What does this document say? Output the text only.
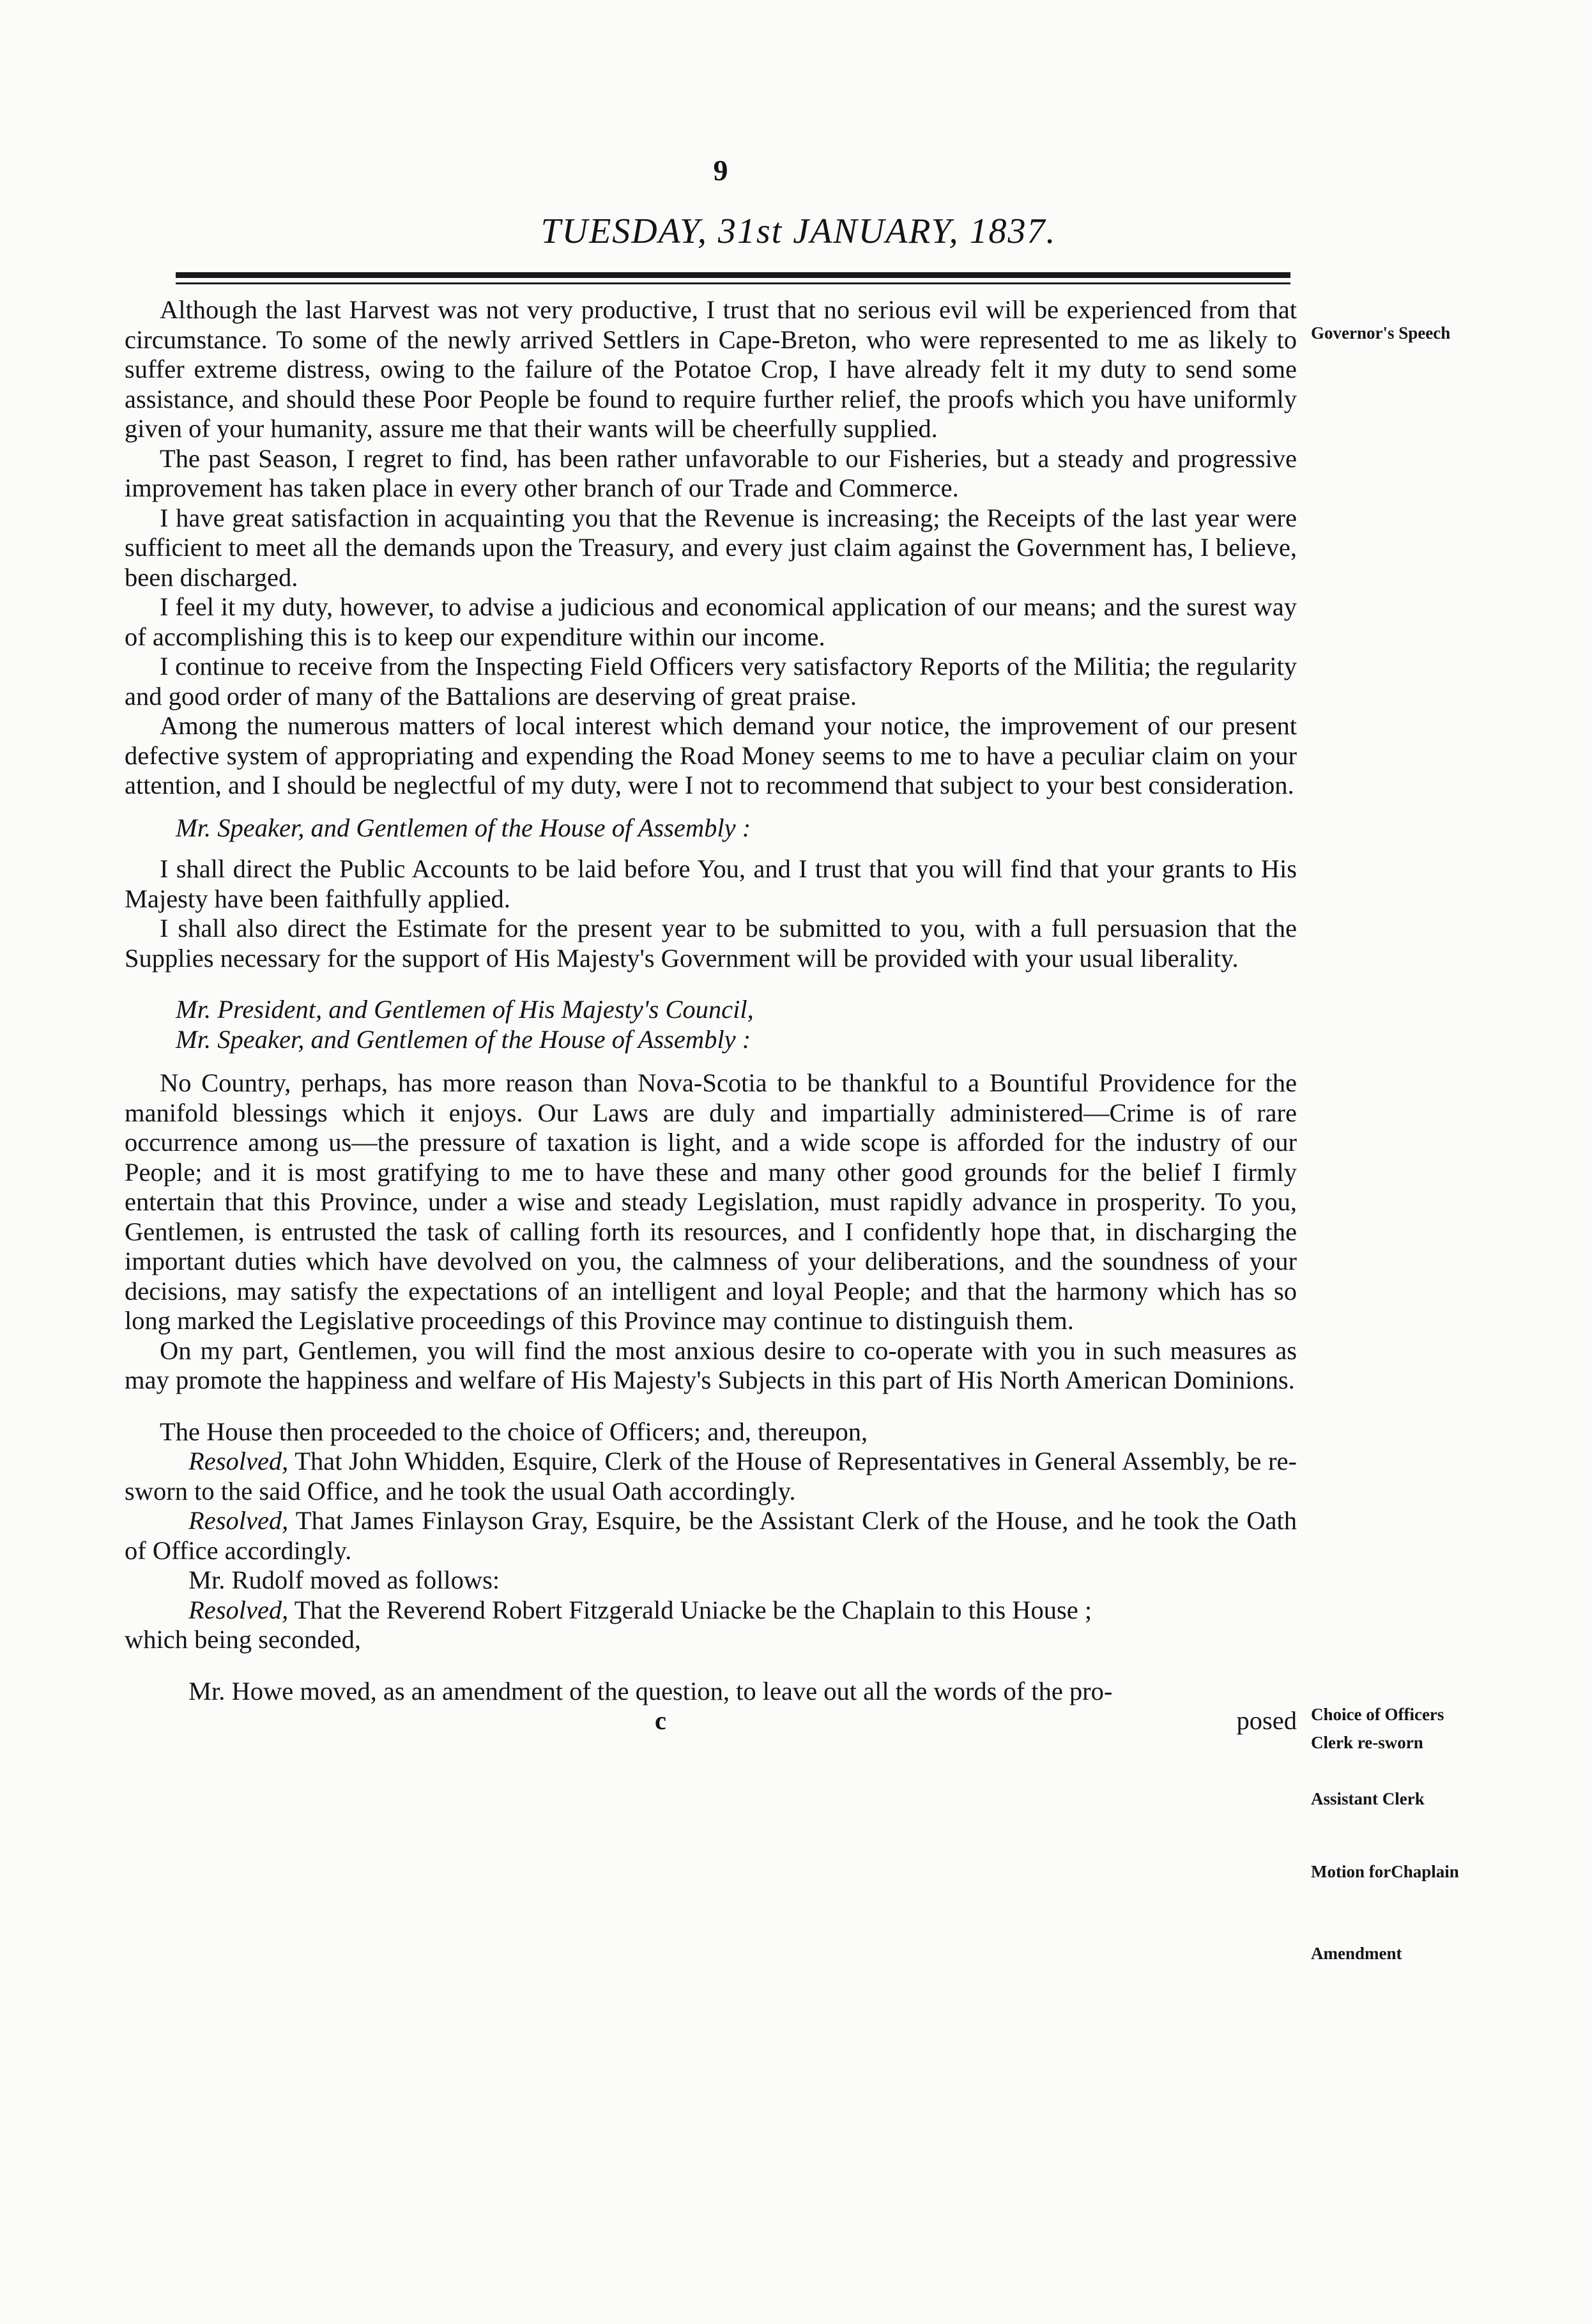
9
TUESDAY, 31st JANUARY, 1837.
Governor's Speech
Choice of Officers
Clerk re-sworn
Assistant Clerk
Motion forChaplain
Amendment

Although the last Harvest was not very productive, I trust that no serious evil will be experienced from that circumstance. To some of the newly arrived Settlers in Cape-Breton, who were represented to me as likely to suffer extreme distress, owing to the failure of the Potatoe Crop, I have already felt it my duty to send some assistance, and should these Poor People be found to require further relief, the proofs which you have uniformly given of your humanity, assure me that their wants will be cheerfully supplied.

The past Season, I regret to find, has been rather unfavorable to our Fisheries, but a steady and progressive improvement has taken place in every other branch of our Trade and Commerce.

I have great satisfaction in acquainting you that the Revenue is increasing; the Receipts of the last year were sufficient to meet all the demands upon the Treasury, and every just claim against the Government has, I believe, been discharged.

I feel it my duty, however, to advise a judicious and economical application of our means; and the surest way of accomplishing this is to keep our expenditure within our income.

I continue to receive from the Inspecting Field Officers very satisfactory Reports of the Militia; the regularity and good order of many of the Battalions are deserving of great praise.

Among the numerous matters of local interest which demand your notice, the improvement of our present defective system of appropriating and expending the Road Money seems to me to have a peculiar claim on your attention, and I should be neglectful of my duty, were I not to recommend that subject to your best consideration.

Mr. Speaker, and Gentlemen of the House of Assembly :

I shall direct the Public Accounts to be laid before You, and I trust that you will find that your grants to His Majesty have been faithfully applied.

I shall also direct the Estimate for the present year to be submitted to you, with a full persuasion that the Supplies necessary for the support of His Majesty's Government will be provided with your usual liberality.

Mr. President, and Gentlemen of His Majesty's Council,
Mr. Speaker, and Gentlemen of the House of Assembly :

No Country, perhaps, has more reason than Nova-Scotia to be thankful to a Bountiful Providence for the manifold blessings which it enjoys. Our Laws are duly and impartially administered—Crime is of rare occurrence among us—the pressure of taxation is light, and a wide scope is afforded for the industry of our People; and it is most gratifying to me to have these and many other good grounds for the belief I firmly entertain that this Province, under a wise and steady Legislation, must rapidly advance in prosperity. To you, Gentlemen, is entrusted the task of calling forth its resources, and I confidently hope that, in discharging the important duties which have devolved on you, the calmness of your deliberations, and the soundness of your decisions, may satisfy the expectations of an intelligent and loyal People; and that the harmony which has so long marked the Legislative proceedings of this Province may continue to distinguish them.

On my part, Gentlemen, you will find the most anxious desire to co-operate with you in such measures as may promote the happiness and welfare of His Majesty's Subjects in this part of His North American Dominions.

The House then proceeded to the choice of Officers; and, thereupon,

Resolved, That John Whidden, Esquire, Clerk of the House of Representatives in General Assembly, be re-sworn to the said Office, and he took the usual Oath accordingly.

Resolved, That James Finlayson Gray, Esquire, be the Assistant Clerk of the House, and he took the Oath of Office accordingly.

Mr. Rudolf moved as follows:

Resolved, That the Reverend Robert Fitzgerald Uniacke be the Chaplain to this House ;

which being seconded,

Mr. Howe moved, as an amendment of the question, to leave out all the words of the pro-

c	posed
